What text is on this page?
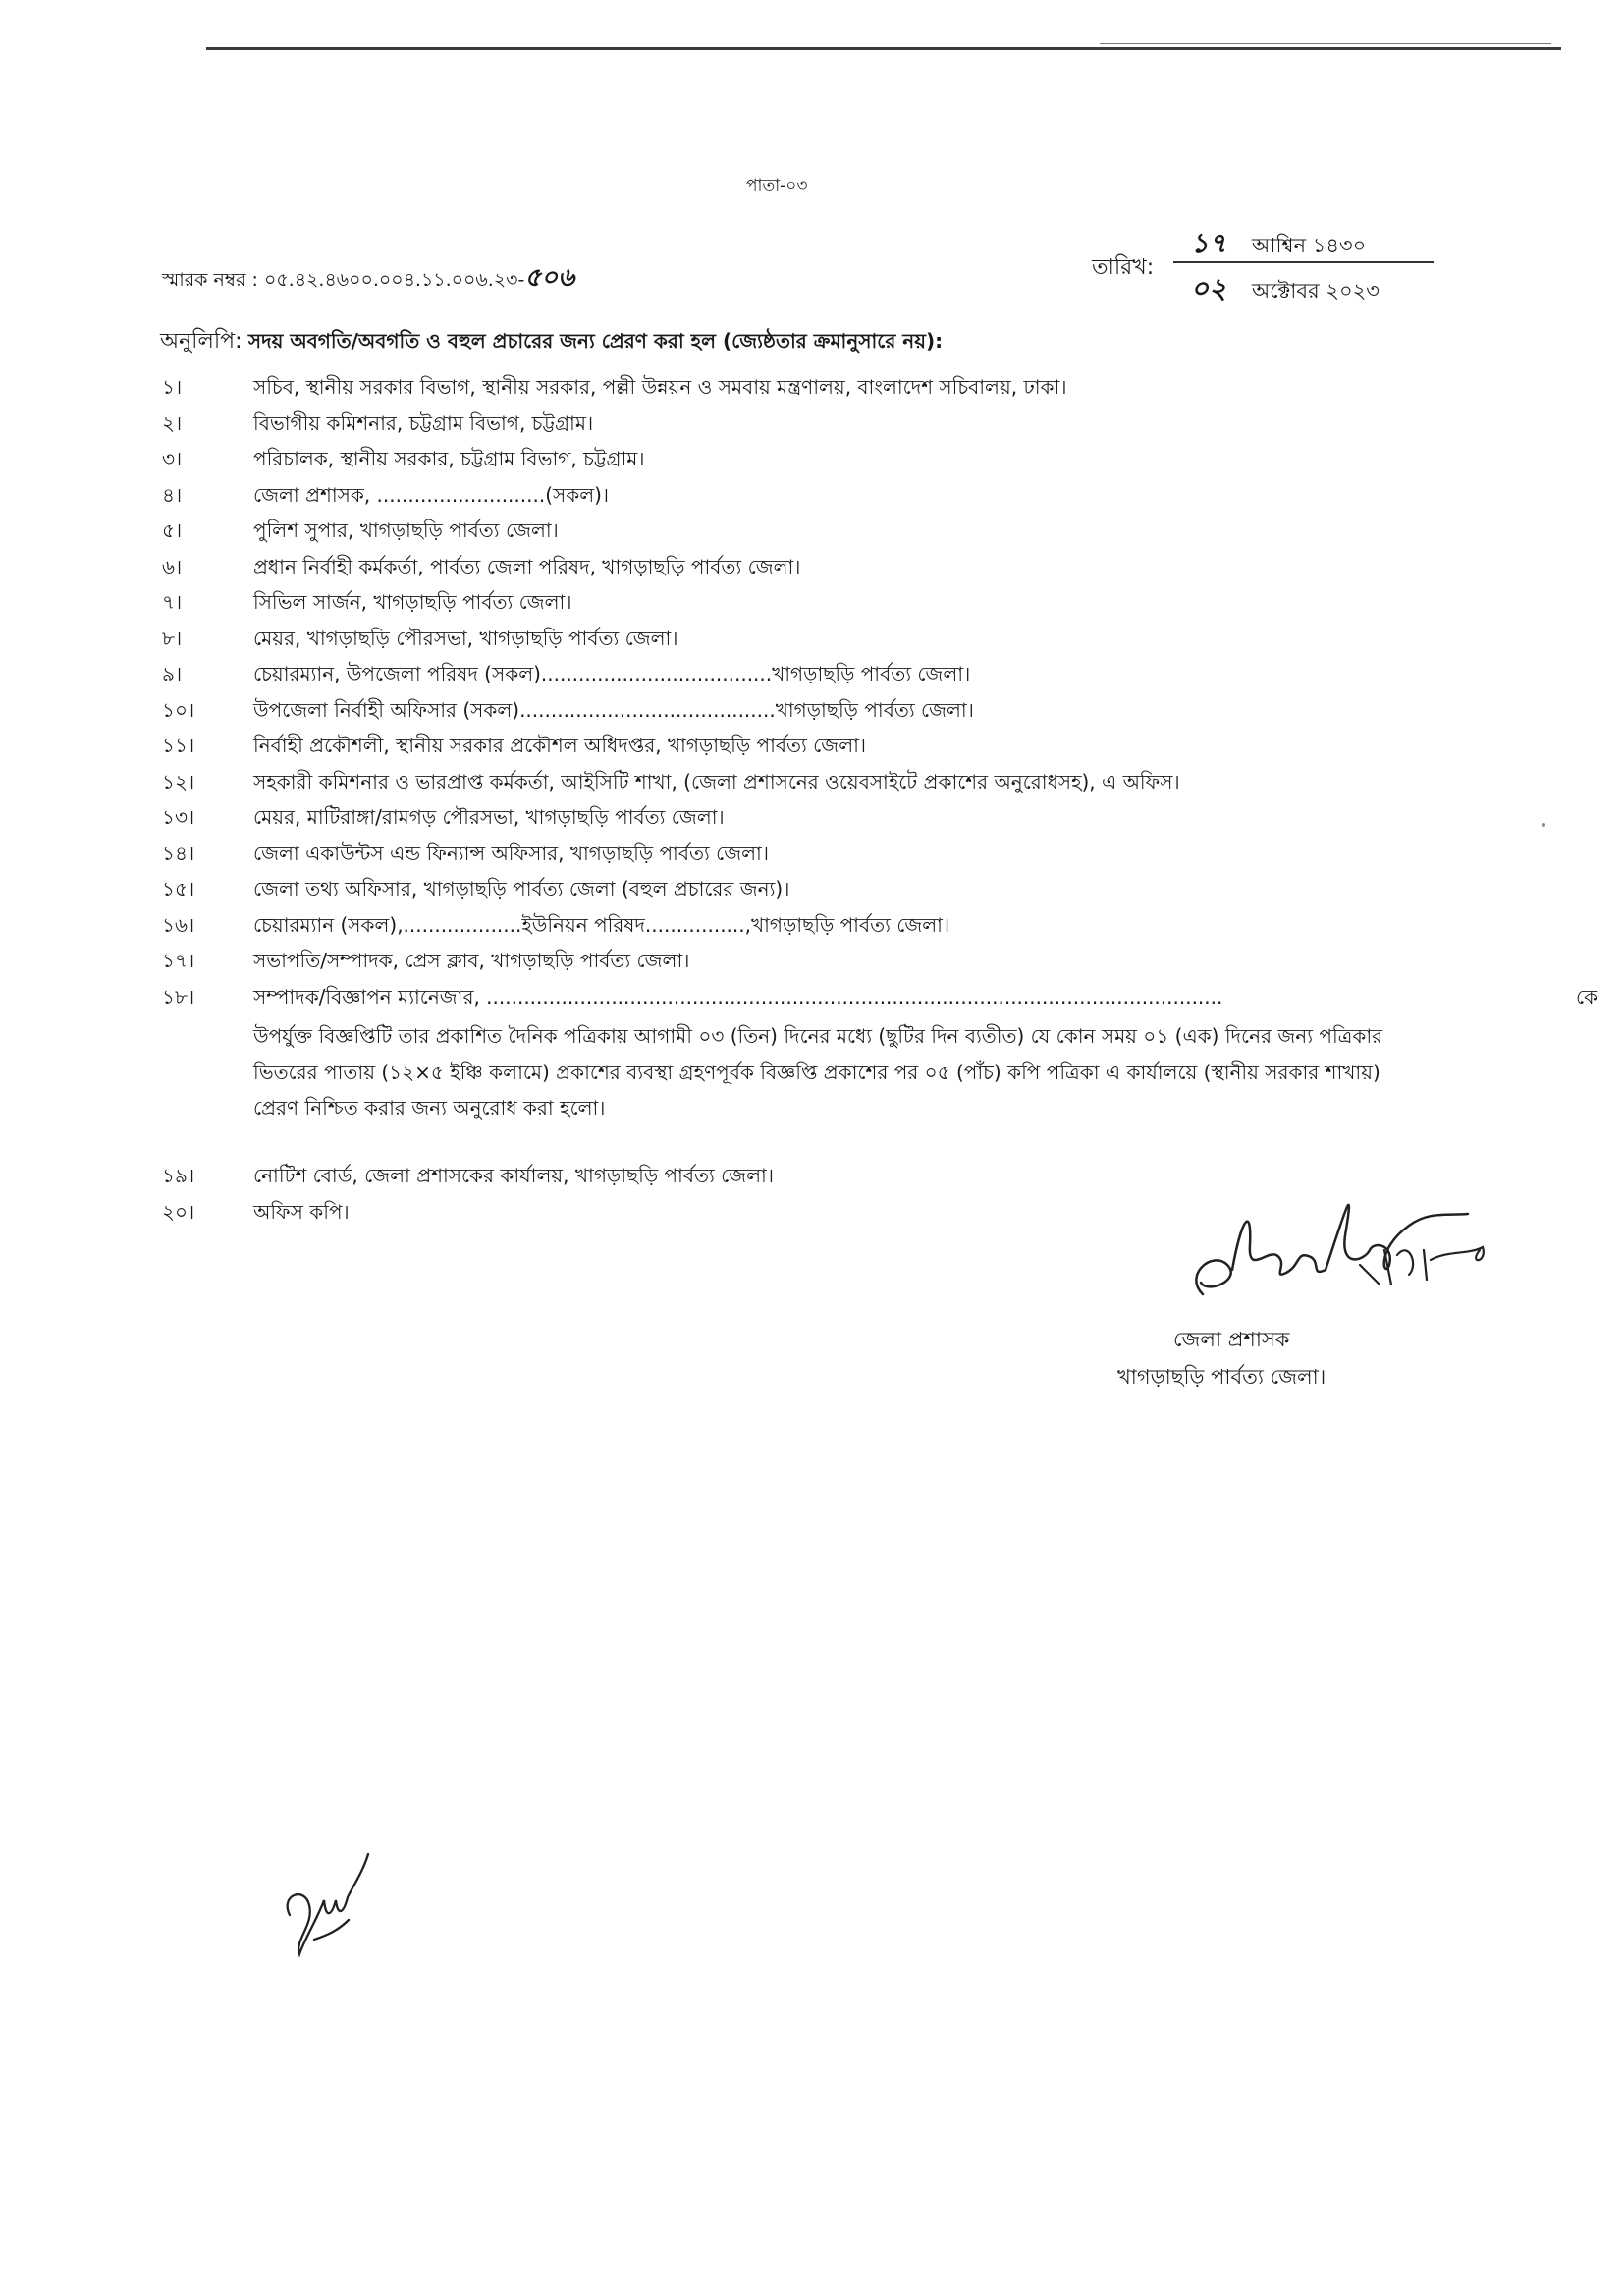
পাতা-০৩
স্মারক নম্বর : ০৫.৪২.৪৬০০.০০৪.১১.০০৬.২৩-৫০৬	তারিখ:
১৭	আশ্বিন ১৪৩০
০২	অক্টোবর ২০২৩
অনুলিপি: সদয় অবগতি/অবগতি ও বহুল প্রচারের জন্য প্রেরণ করা হল (জ্যেষ্ঠতার ক্রমানুসারে নয়):
১।	সচিব, স্থানীয় সরকার বিভাগ, স্থানীয় সরকার, পল্লী উন্নয়ন ও সমবায় মন্ত্রণালয়, বাংলাদেশ সচিবালয়, ঢাকা।
২।	বিভাগীয় কমিশনার, চট্টগ্রাম বিভাগ, চট্টগ্রাম।
৩।	পরিচালক, স্থানীয় সরকার, চট্টগ্রাম বিভাগ, চট্টগ্রাম।
৪।	জেলা প্রশাসক, ...........................(সকল)।
৫।	পুলিশ সুপার, খাগড়াছড়ি পার্বত্য জেলা।
৬।	প্রধান নির্বাহী কর্মকর্তা, পার্বত্য জেলা পরিষদ, খাগড়াছড়ি পার্বত্য জেলা।
৭।	সিভিল সার্জন, খাগড়াছড়ি পার্বত্য জেলা।
৮।	মেয়র, খাগড়াছড়ি পৌরসভা, খাগড়াছড়ি পার্বত্য জেলা।
৯।	চেয়ারম্যান, উপজেলা পরিষদ (সকল).....................................খাগড়াছড়ি পার্বত্য জেলা।
১০।	উপজেলা নির্বাহী অফিসার (সকল).........................................খাগড়াছড়ি পার্বত্য জেলা।
১১।	নির্বাহী প্রকৌশলী, স্থানীয় সরকার প্রকৌশল অধিদপ্তর, খাগড়াছড়ি পার্বত্য জেলা।
১২।	সহকারী কমিশনার ও ভারপ্রাপ্ত কর্মকর্তা, আইসিটি শাখা, (জেলা প্রশাসনের ওয়েবসাইটে প্রকাশের অনুরোধসহ), এ অফিস।
১৩।	মেয়র, মাটিরাঙ্গা/রামগড় পৌরসভা, খাগড়াছড়ি পার্বত্য জেলা।
১৪।	জেলা একাউন্টস এন্ড ফিন্যান্স অফিসার, খাগড়াছড়ি পার্বত্য জেলা।
১৫।	জেলা তথ্য অফিসার, খাগড়াছড়ি পার্বত্য জেলা (বহুল প্রচারের জন্য)।
১৬।	চেয়ারম্যান (সকল),...................ইউনিয়ন পরিষদ................,খাগড়াছড়ি পার্বত্য জেলা।
১৭।	সভাপতি/সম্পাদক, প্রেস ক্লাব, খাগড়াছড়ি পার্বত্য জেলা।
১৮।	সম্পাদক/বিজ্ঞাপন ম্যানেজার, ......................................................................................................................	কে
উপর্যুক্ত বিজ্ঞপ্তিটি তার প্রকাশিত দৈনিক পত্রিকায় আগামী ০৩ (তিন) দিনের মধ্যে (ছুটির দিন ব্যতীত) যে কোন সময় ০১ (এক) দিনের জন্য পত্রিকার ভিতরের পাতায় (১২×৫ ইঞ্চি কলামে) প্রকাশের ব্যবস্থা গ্রহণপূর্বক বিজ্ঞপ্তি প্রকাশের পর ০৫ (পাঁচ) কপি পত্রিকা এ কার্যালয়ে (স্থানীয় সরকার শাখায়) প্রেরণ নিশ্চিত করার জন্য অনুরোধ করা হলো।
১৯।	নোটিশ বোর্ড, জেলা প্রশাসকের কার্যালয়, খাগড়াছড়ি পার্বত্য জেলা।
২০।	অফিস কপি।
জেলা প্রশাসক
খাগড়াছড়ি পার্বত্য জেলা।
